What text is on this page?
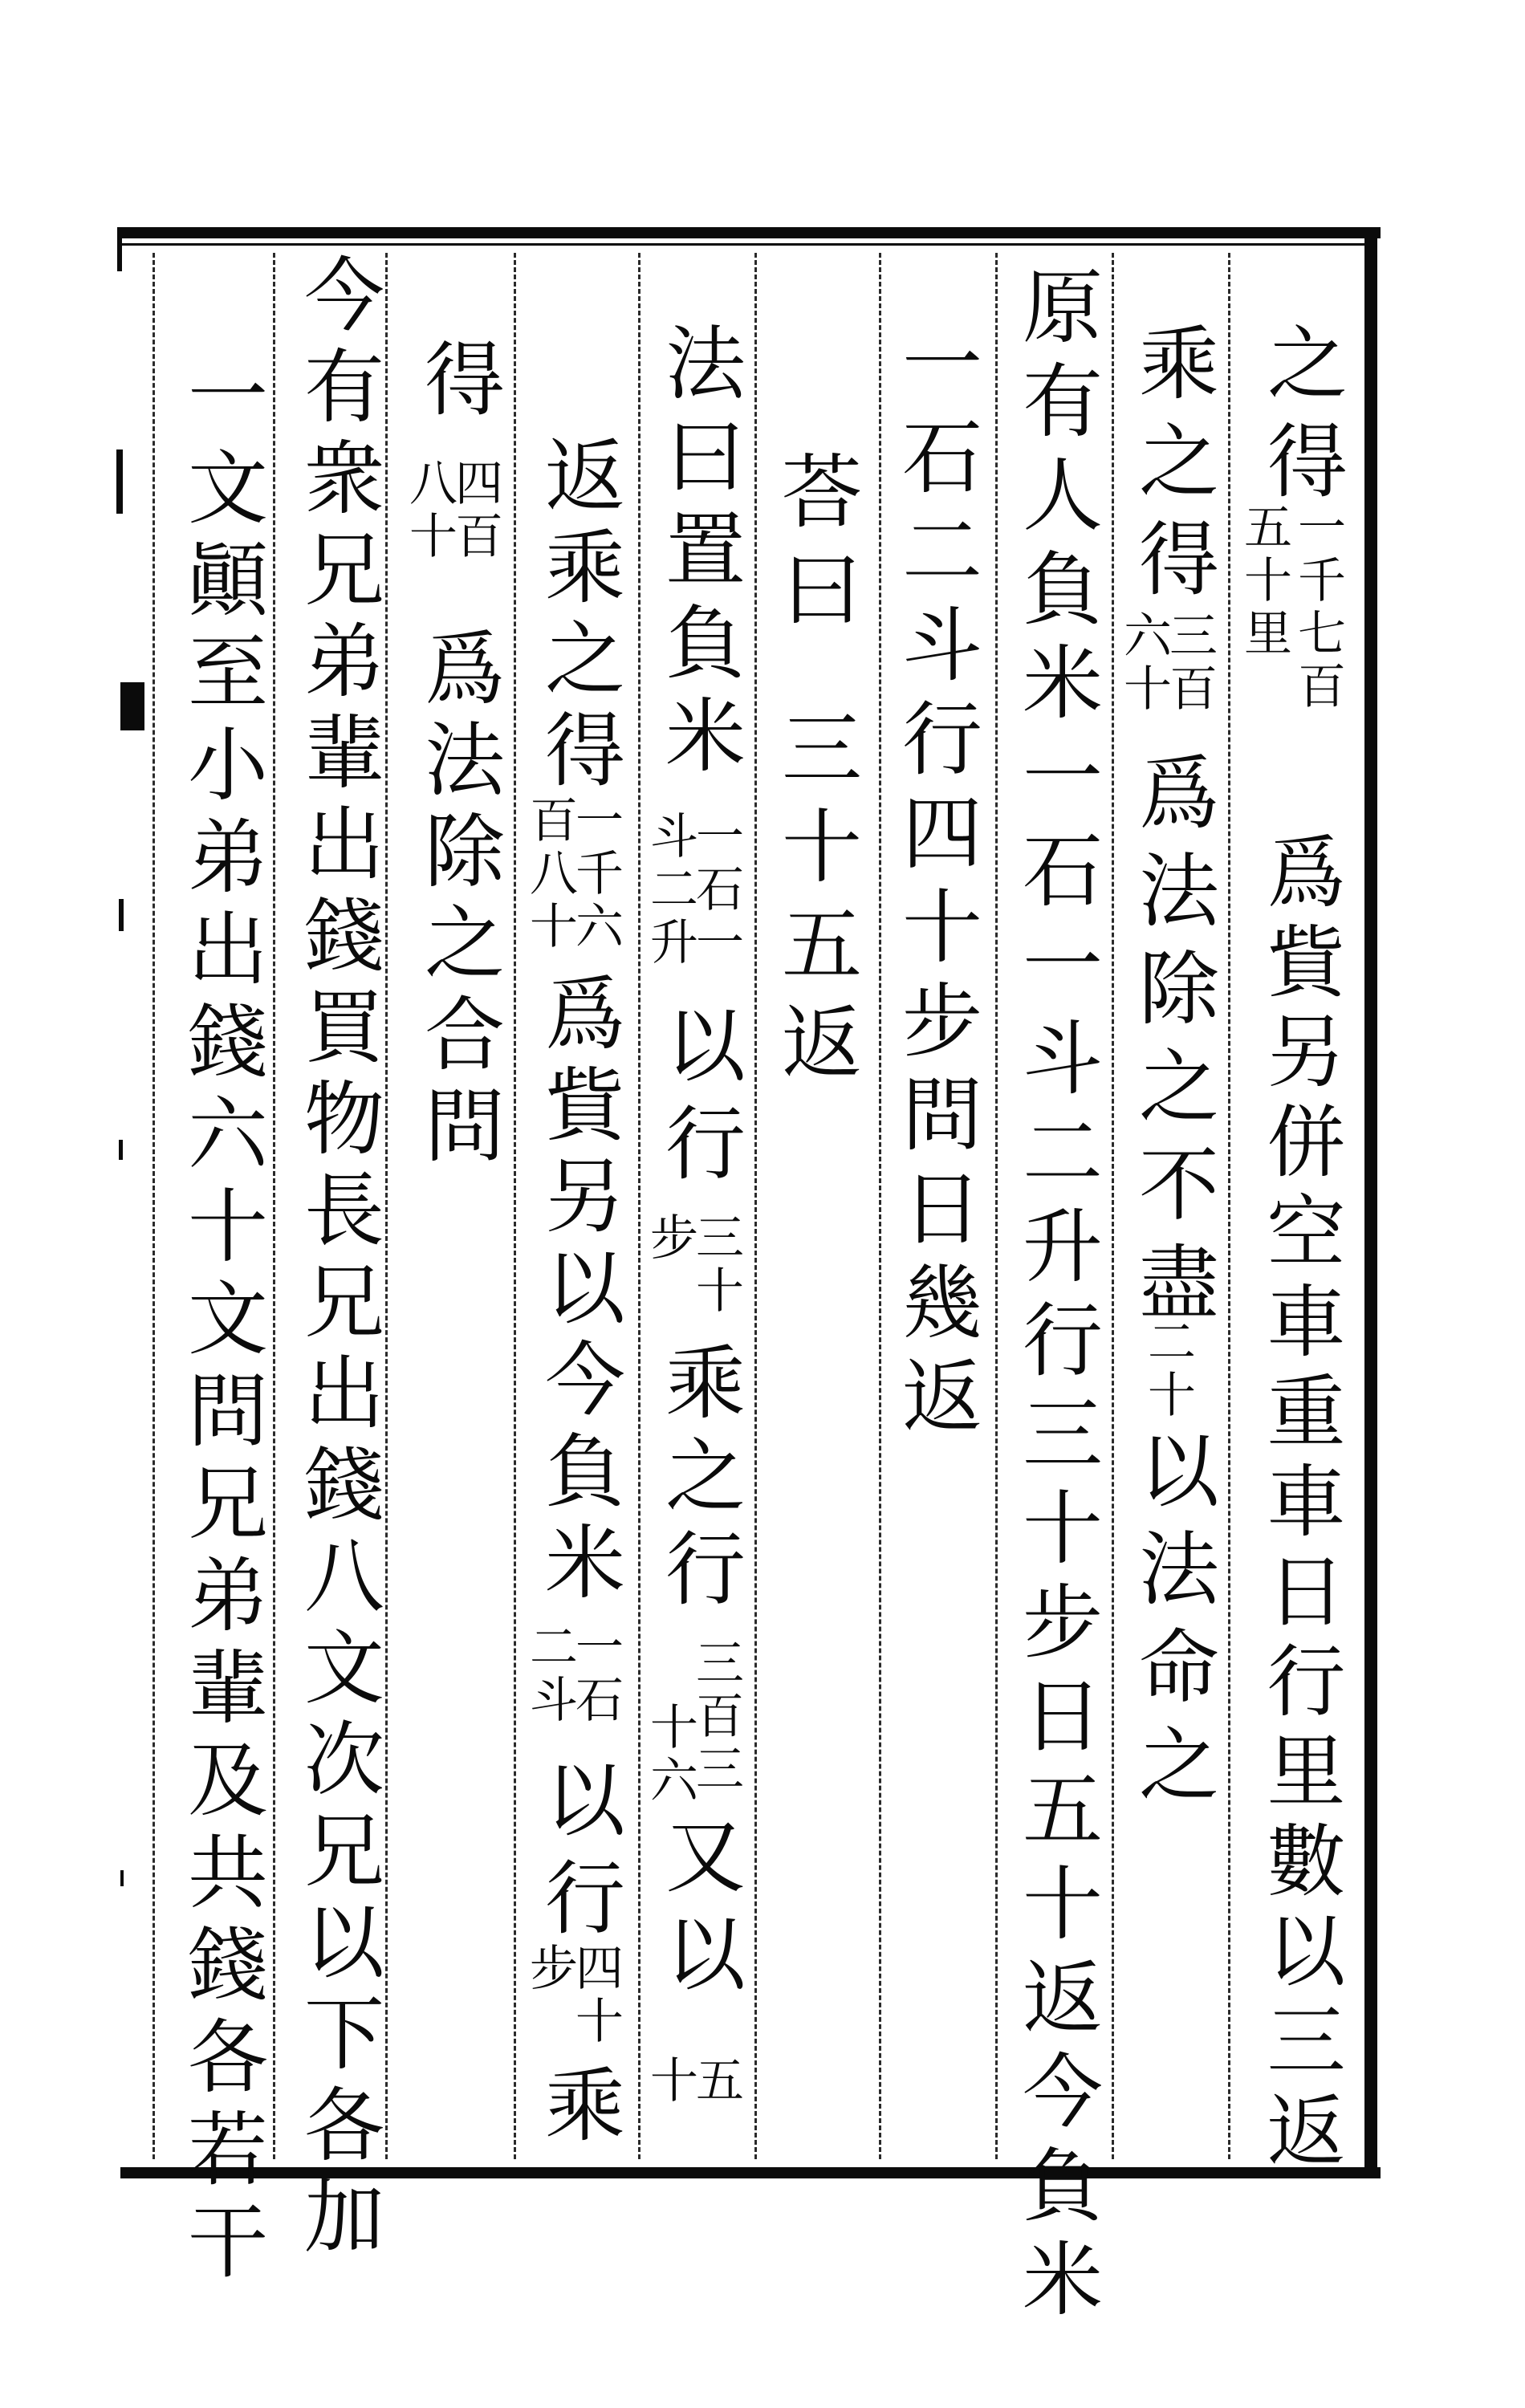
之得
一千七百
五十里
爲貲另併空車重車日行里數以三返
乘之得
三百
六十
爲法除之不盡
二十
以法命之
原有人負米一石一斗二升行三十步日五十返今負米
一石二斗行四十步問日幾返
荅曰
三十五返
法曰置負米
一石一
斗二升
以行
三十
步
乘之行
三百三
十六
又以
五
十
返乘之得
一千六
百八十
爲貲另以今負米
一石
二斗
以行
四十
步
乘
得
四百
八十
爲法除之合問
今有衆兄弟輩出錢買物長兄出錢八文次兄以下各加
一文顚至小弟出錢六十文問兄弟輩及共錢各若干
